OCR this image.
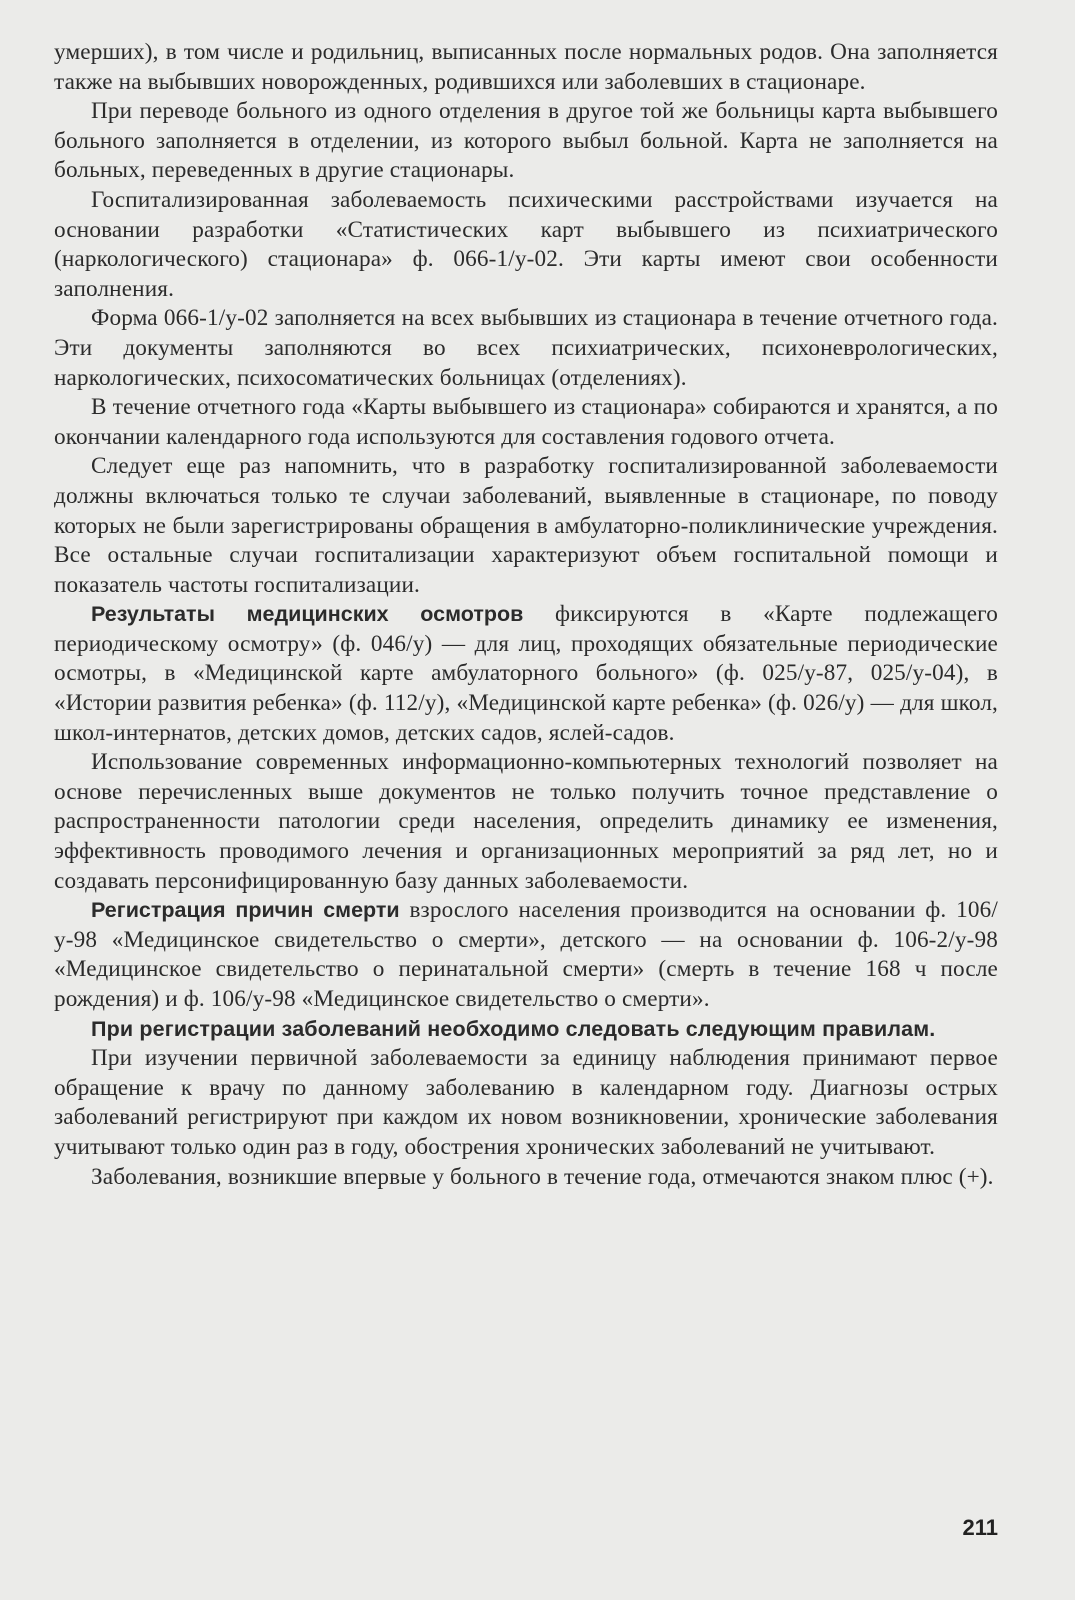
умерших), в том числе и родильниц, выписанных после нормальных родов. Она заполняется также на выбывших новорожденных, родившихся или заболевших в стационаре.

При переводе больного из одного отделения в другое той же больницы карта выбывшего больного заполняется в отделении, из которого выбыл больной. Карта не заполняется на больных, переведенных в другие стационары.

Госпитализированная заболеваемость психическими расстройствами изучается на основании разработки «Статистических карт выбывшего из психиатрического (наркологического) стационара» ф. 066-1/у-02. Эти карты имеют свои особенности заполнения.

Форма 066-1/у-02 заполняется на всех выбывших из стационара в течение отчетного года. Эти документы заполняются во всех психиатрических, психоневрологических, наркологических, психосоматических больницах (отделениях).

В течение отчетного года «Карты выбывшего из стационара» собираются и хранятся, а по окончании календарного года используются для составления годового отчета.

Следует еще раз напомнить, что в разработку госпитализированной заболеваемости должны включаться только те случаи заболеваний, выявленные в стационаре, по поводу которых не были зарегистрированы обращения в амбулаторно-поликлинические учреждения. Все остальные случаи госпитализации характеризуют объем госпитальной помощи и показатель частоты госпитализации.

Результаты медицинских осмотров фиксируются в «Карте подлежащего периодическому осмотру» (ф. 046/у) — для лиц, проходящих обязательные периодические осмотры, в «Медицинской карте амбулаторного больного» (ф. 025/у-87, 025/у-04), в «Истории развития ребенка» (ф. 112/у), «Медицинской карте ребенка» (ф. 026/у) — для школ, школ-интернатов, детских домов, детских садов, яслей-садов.

Использование современных информационно-компьютерных технологий позволяет на основе перечисленных выше документов не только получить точное представление о распространенности патологии среди населения, определить динамику ее изменения, эффективность проводимого лечения и организационных мероприятий за ряд лет, но и создавать персонифицированную базу данных заболеваемости.

Регистрация причин смерти взрослого населения производится на основании ф. 106/у-98 «Медицинское свидетельство о смерти», детского — на основании ф. 106-2/у-98 «Медицинское свидетельство о перинатальной смерти» (смерть в течение 168 ч после рождения) и ф. 106/у-98 «Медицинское свидетельство о смерти».

При регистрации заболеваний необходимо следовать следующим правилам.

При изучении первичной заболеваемости за единицу наблюдения принимают первое обращение к врачу по данному заболеванию в календарном году. Диагнозы острых заболеваний регистрируют при каждом их новом возникновении, хронические заболевания учитывают только один раз в году, обострения хронических заболеваний не учитывают.

Заболевания, возникшие впервые у больного в течение года, отмечаются знаком плюс (+).

211
